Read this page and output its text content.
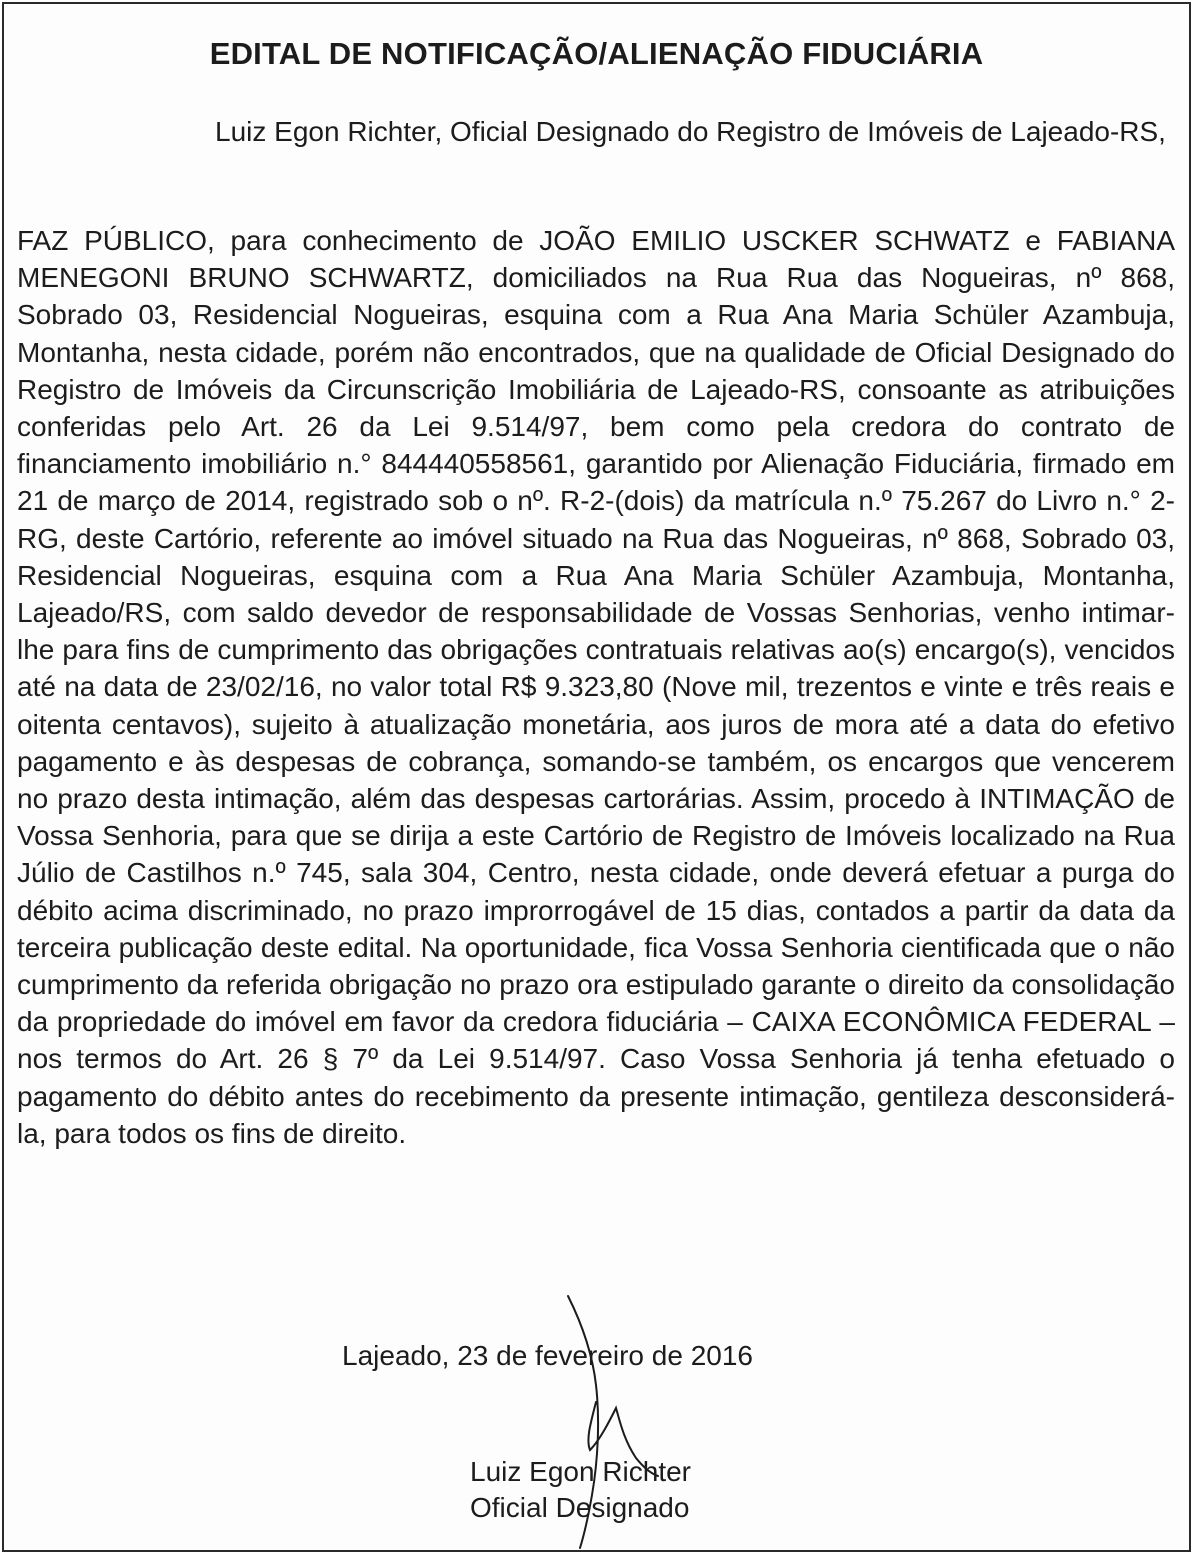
EDITAL DE NOTIFICAÇÃO/ALIENAÇÃO FIDUCIÁRIA

Luiz Egon Richter, Oficial Designado do Registro de Imóveis de Lajeado-RS,

FAZ PÚBLICO, para conhecimento de JOÃO EMILIO USCKER SCHWATZ e FABIANA MENEGONI BRUNO SCHWARTZ, domiciliados na Rua Rua das Nogueiras, nº 868, Sobrado 03, Residencial Nogueiras, esquina com a Rua Ana Maria Schüler Azambuja, Montanha, nesta cidade, porém não encontrados, que na qualidade de Oficial Designado do Registro de Imóveis da Circunscrição Imobiliária de Lajeado-RS, consoante as atribuições conferidas pelo Art. 26 da Lei 9.514/97, bem como pela credora do contrato de financiamento imobiliário n.° 844440558561, garantido por Alienação Fiduciária, firmado em 21 de março de 2014, registrado sob o nº. R-2-(dois) da matrícula n.º 75.267 do Livro n.° 2-RG, deste Cartório, referente ao imóvel situado na Rua das Nogueiras, nº 868, Sobrado 03, Residencial Nogueiras, esquina com a Rua Ana Maria Schüler Azambuja, Montanha, Lajeado/RS, com saldo devedor de responsabilidade de Vossas Senhorias, venho intimar-lhe para fins de cumprimento das obrigações contratuais relativas ao(s) encargo(s), vencidos até na data de 23/02/16, no valor total R$ 9.323,80 (Nove mil, trezentos e vinte e três reais e oitenta centavos), sujeito à atualização monetária, aos juros de mora até a data do efetivo pagamento e às despesas de cobrança, somando-se também, os encargos que vencerem no prazo desta intimação, além das despesas cartorárias. Assim, procedo à INTIMAÇÃO de Vossa Senhoria, para que se dirija a este Cartório de Registro de Imóveis localizado na Rua Júlio de Castilhos n.º 745, sala 304, Centro, nesta cidade, onde deverá efetuar a purga do débito acima discriminado, no prazo improrrogável de 15 dias, contados a partir da data da terceira publicação deste edital. Na oportunidade, fica Vossa Senhoria cientificada que o não cumprimento da referida obrigação no prazo ora estipulado garante o direito da consolidação da propriedade do imóvel em favor da credora fiduciária – CAIXA ECONÔMICA FEDERAL – nos termos do Art. 26 § 7º da Lei 9.514/97. Caso Vossa Senhoria já tenha efetuado o pagamento do débito antes do recebimento da presente intimação, gentileza desconsiderá-la, para todos os fins de direito.

Lajeado, 23 de fevereiro de 2016

Luiz Egon Richter
Oficial Designado
